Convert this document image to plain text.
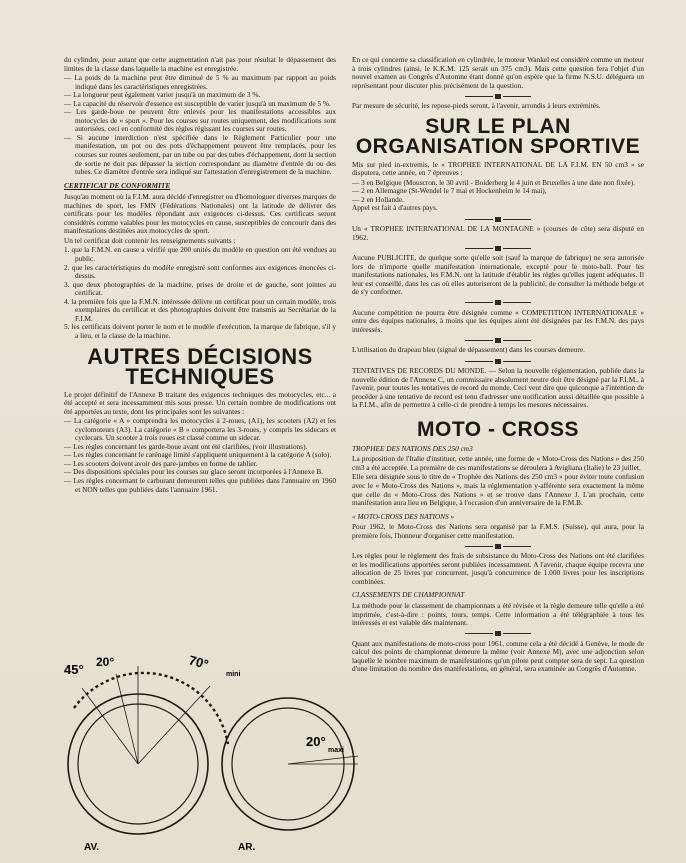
du cylindre, pour autant que cette augmentation n'ait pas pour résultat le dépassement des limites de la classe dans laquelle la machine est enregistrée.

— La poids de la machine peut être diminué de 5 % au maximum par rapport au poids indiqué dans les caractéristiques enregistrées.

— La longueur peut également varier jusqu'à un maximum de 3 %.

— La capacité du réservoir d'essence est susceptible de varier jusqu'à un maximum de 5 %.

— Les garde-boue ne peuvent être enlevés pour les manifestations accessibles aux motocycles de « sport ». Pour les courses sur routes uniquement, des modifications sont autorisées, ceci en conformité des règles régissant les courses sur routes.

— Si aucune interdiction n'est spécifiée dans le Règlement Particulier pour une manifestation, un pot ou des pots d'échappement peuvent être remplacés, pour les courses sur routes seulement, par un tube ou par des tubes d'échappement, dont la section de sortie ne doit pas dépasser la section correspondant au diamètre d'entrée du ou des tubes. Ce diamètre d'entrée sera indiqué sur l'attestation d'enregistrement de la machine.

CERTIFICAT DE CONFORMITE

Jusqu'au moment où la F.I.M. aura décidé d'enregistrer ou d'homologuer diverses marques de machines de sport, les FMN (Fédérations Nationales) ont la latitude de délivrer des certificats pour les modèles répondant aux exigences ci-dessus. Ces certificats seront considérés comme valables pour les motocycles en cause, susceptibles de concourir dans des manifestations destinées aux motocycles de sport.

Un tel certificat doit contenir les renseignements suivants :

1. que la F.M.N. en cause a vérifié que 200 unités du modèle en question ont été vendues au public.

2. que les caractéristiques du modèle enregistré sont conformes aux exigences énoncées ci-dessus.

3. que deux photographies de la machine, prises de droite et de gauche, sont jointes au certificat.

4. la première fois que la F.M.N. intéressée délivre un certificat pour un certain modèle, trois exemplaires du certificat et des photographies doivent être transmis au Secrétariat de la F.I.M.

5. les certificats doivent porter le nom et le modèle d'exécution, la marque de fabrique, s'il y a lieu, et la classe de la machine.

AUTRES DÉCISIONS
TECHNIQUES

Le projet définitif de l'Annexe B traitant des exigences techniques des motocycles, etc... a été accepté et sera incessamment mis sous presse. Un certain nombre de modifications ont été apportées au texte, dont les principales sont les suivantes :

— La catégorie « A » comprendra les motocycles à 2-roues, (A1), les scooters (A2) et les cyclomoteurs (A3). La catégorie « B » comportera les 3-roues, y compris les sidecars et cyclecars. Un scooter à trois roues est classé comme un sidecar.

— Les règles concernant les garde-boue avant ont été clarifiées, (voir illustrations).

— Les règles concernant le carénage limité s'appliquent uniquement à la catégorie A (solo).

— Les scooters doivent avoir des pare-jambes en forme de tablier.

— Des dispositions spéciales pour les courses sur glace seront incorporées à l'Annexe B.

— Les règles concernant le carburant demeurent telles que publiées dans l'annuaire en 1960 et NON telles que publiées dans l'annuaire 1961.

45° 20°	70°
mini
20°
maxi
AV.	AR.

En ce qui concerne sa classification en cylindrée, le moteur Wankel est considéré comme un moteur à trois cylindres (ainsi, le K.K.M. 125 serait un 375 cm3). Mais cette question fera l'objet d'un nouvel examen au Congrès d'Automne étant donné qu'on espère que la firme N.S.U. déléguera un représentant pour discuter plus précisément de la question.

Par mesure de sécurité, les repose-pieds seront, à l'avenir, arrondis à leurs extrémités.

SUR LE PLAN
ORGANISATION SPORTIVE

Mis sur pied in-extremis, le « TROPHEE INTERNATIONAL DE LA F.I.M. EN 50 cm3 » se disputera, cette année, en 7 épreuves :

— 3 en Belgique (Mouscron, le 30 avril - Boiderberg le 4 juin et Bruxelles à une date non fixée).

— 2 en Allemagne (St-Wendel le 7 mai et Hockenheim le 14 mai),

— 2 en Hollande.

Appel est fait à d'autres pays.

Un « TROPHEE INTERNATIONAL DE LA MONTAGNE » (courses de côte) sera disputé en 1962.

Aucune PUBLICITE, de quelque sorte qu'elle soit (sauf la marque de fabrique) ne sera autorisée lors de n'importe quelle manifestation internationale, excepté pour le moto-ball. Pour les manifestations nationales, les F.M.N. ont la latitude d'établir les règles qu'elles jugent adéquates. Il leur est conseillé, dans les cas où elles autoriseront de la publicité, de consulter la méthode belge et de s'y conformer.

Aucune compétition ne pourra être désignée comme « COMPETITION INTERNATIONALE » entre des équipes nationales, à moins que les équipes aient été désignées par les F.M.N. des pays intéressés.

L'utilisation du drapeau bleu (signal de dépassement) dans les courses demeure.

TENTATIVES DE RECORDS DU MONDE. — Selon la nouvelle réglementation, publiée dans la nouvelle édition de l'Annexe C, un commissaire absolument neutre doit être désigné par la F.I.M., à l'avenir, pour toutes les tentatives de record du monde. Ceci veut dire que quiconque a l'intention de procéder à une tentative de record est tenu d'adresser une notification aussi détaillée que possible à la F.I.M., afin de permettre à celle-ci de prendre à temps les mesures nécessaires.

MOTO - CROSS
TROPHEE DES NATIONS DES 250 cm3

La proposition de l'Italie d'instituer, cette année, une forme de « Moto-Cross des Nations » des 250 cm3 a été acceptée. La première de ces manifestations se déroulera à Avigliana (Italie) le 23 juillet.

Elle sera désignée sous le titre de « Trophée des Nations des 250 cm3 » pour éviter toute confusion avec le « Moto-Cross des Nations », mais la réglementation y-afférente sera exactement la même que celle du « Moto-Cross des Nations » et se trouve dans l'Annexe J. L'an prochain, cette manifestation aura lieu en Belgique, à l'occasion d'un anniversaire de la F.M.B.

« MOTO-CROSS DES NATIONS »

Pour 1962, le Moto-Cross des Nations sera organisé par la F.M.S. (Suisse), qui aura, pour la première fois, l'honneur d'organiser cette manifestation.

Les règles pour le règlement des frais de subsistance du Moto-Cross des Nations ont été clarifiées et les modifications apportées seront publiées incessamment. A l'avenir, chaque équipe recevra une allocation de 25 livres par concurrent, jusqu'à concurrence de 1.000 livres pour les inscriptions combinées.

CLASSEMENTS DE CHAMPIONNAT

La méthode pour le classement de championnats a été révisée et la règle demeure telle qu'elle a été imprimée, c'est-à-dire : points, tours, temps. Cette information a été télégraphiée à tous les intéressés et est valable dès maintenant.

Quant aux manifestations de moto-cross pour 1961, comme cela a été décidé à Genève, le mode de calcul des points de championnat demeure la même (voir Annexe M), avec une adjonction selon laquelle le nombre maximum de manifestations qu'un pilote peut compter sera de sept. La question d'une limitation du nombre des manifestations, en général, sera examinée au Congrès d'Automne.
